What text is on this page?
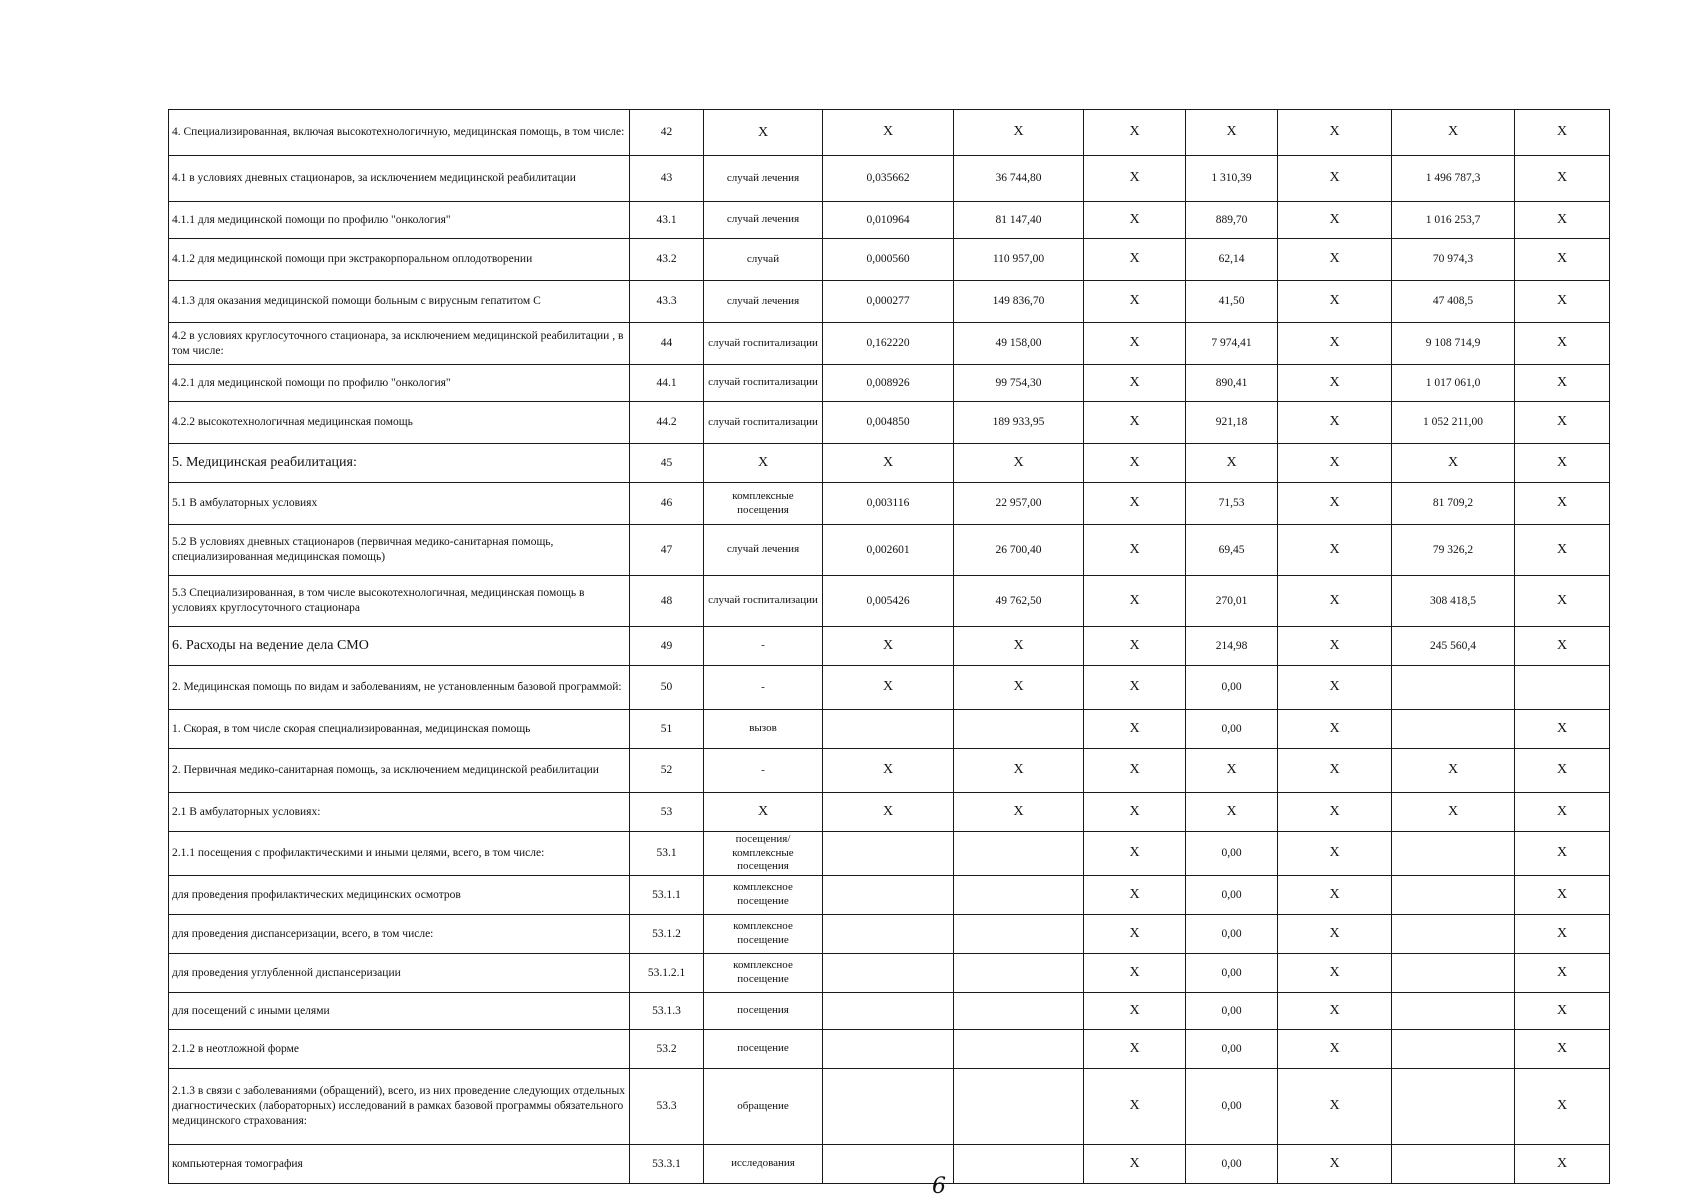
4. Специализированная, включая высокотехнологичную, медицинская помощь, в том числе:	42	X	X	X	X	X	X	X	X
4.1 в условиях дневных стационаров, за исключением медицинской реабилитации	43	случай лечения	0,035662	36 744,80	X	1 310,39	X	1 496 787,3	X
4.1.1 для медицинской помощи по профилю "онкология"	43.1	случай лечения	0,010964	81 147,40	X	889,70	X	1 016 253,7	X
4.1.2 для медицинской помощи при экстракорпоральном оплодотворении	43.2	случай	0,000560	110 957,00	X	62,14	X	70 974,3	X
4.1.3 для оказания медицинской помощи больным с вирусным гепатитом С	43.3	случай лечения	0,000277	149 836,70	X	41,50	X	47 408,5	X
4.2 в условиях круглосуточного стационара, за исключением медицинской реабилитации , в том числе:	44	случай госпитализации	0,162220	49 158,00	X	7 974,41	X	9 108 714,9	X
4.2.1 для медицинской помощи по профилю "онкология"	44.1	случай госпитализации	0,008926	99 754,30	X	890,41	X	1 017 061,0	X
4.2.2 высокотехнологичная медицинская помощь	44.2	случай госпитализации	0,004850	189 933,95	X	921,18	X	1 052 211,00	X
5. Медицинская реабилитация:	45	X	X	X	X	X	X	X	X
5.1 В амбулаторных условиях	46	комплексные посещения	0,003116	22 957,00	X	71,53	X	81 709,2	X
5.2 В условиях дневных стационаров (первичная медико-санитарная помощь, специализированная медицинская помощь)	47	случай лечения	0,002601	26 700,40	X	69,45	X	79 326,2	X
5.3 Специализированная, в том числе высокотехнологичная, медицинская помощь в условиях круглосуточного стационара	48	случай госпитализации	0,005426	49 762,50	X	270,01	X	308 418,5	X
6. Расходы на ведение дела СМО	49	-	X	X	X	214,98	X	245 560,4	X
2. Медицинская помощь по видам и заболеваниям, не установленным базовой программой:	50	-	X	X	X	0,00	X		
1. Скорая, в том числе скорая специализированная, медицинская помощь	51	вызов			X	0,00	X		X
2. Первичная медико-санитарная помощь, за исключением медицинской реабилитации	52	-	X	X	X	X	X	X	X
2.1 В амбулаторных условиях:	53	X	X	X	X	X	X	X	X
2.1.1 посещения с профилактическими и иными целями, всего, в том числе:	53.1	посещения/комплексные посещения			X	0,00	X		X
для проведения профилактических медицинских осмотров	53.1.1	комплексное посещение			X	0,00	X		X
для проведения диспансеризации, всего, в том числе:	53.1.2	комплексное посещение			X	0,00	X		X
для проведения углубленной диспансеризации	53.1.2.1	комплексное посещение			X	0,00	X		X
для посещений с иными целями	53.1.3	посещения			X	0,00	X		X
2.1.2 в неотложной форме	53.2	посещение			X	0,00	X		X
2.1.3 в связи с заболеваниями (обращений), всего, из них проведение следующих отдельных диагностических (лабораторных) исследований в рамках базовой программы обязательного медицинского страхования:	53.3	обращение			X	0,00	X		X
компьютерная томография	53.3.1	исследования			X	0,00	X		X
6
